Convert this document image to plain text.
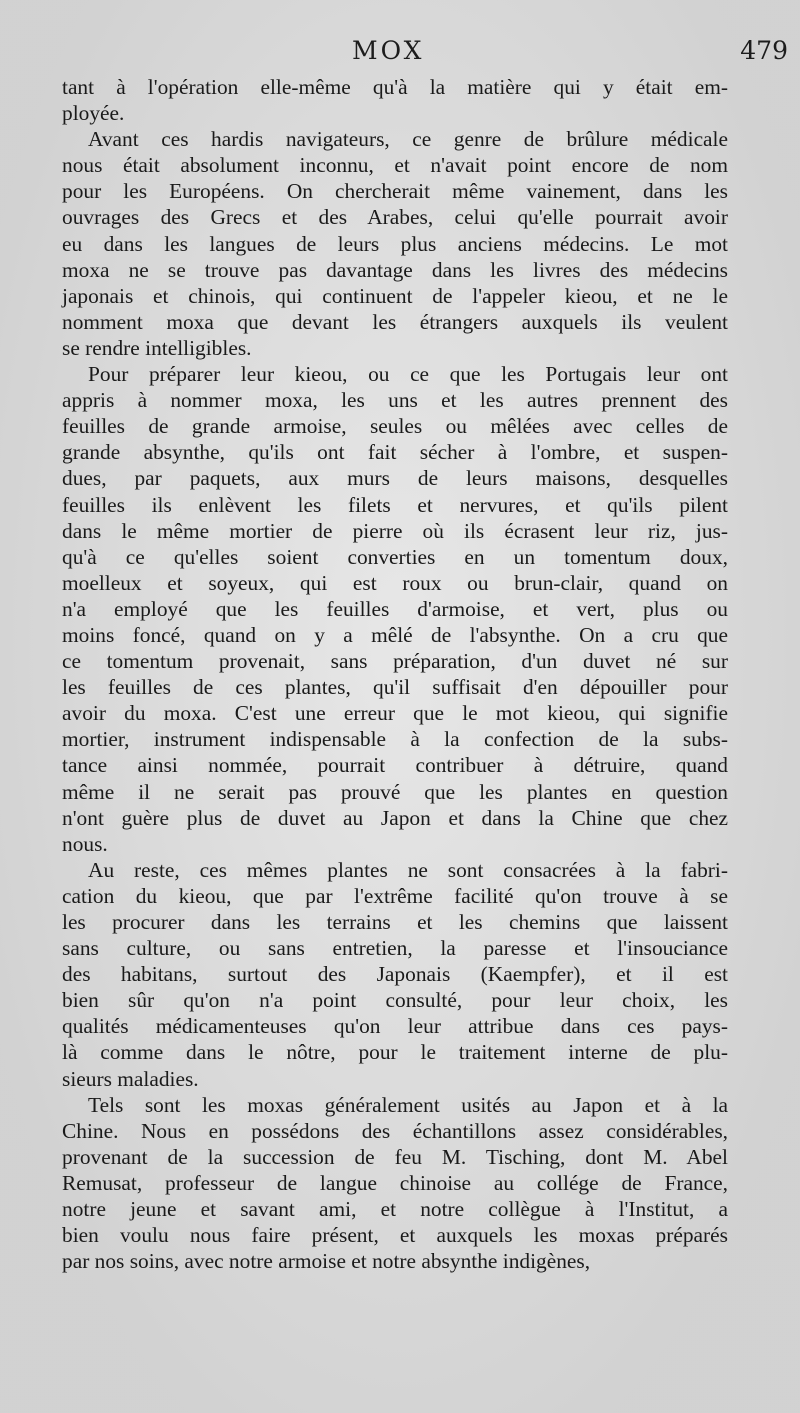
MOX	479
tant à l'opération elle-même qu'à la matière qui y était em-
ployée.
Avant ces hardis navigateurs, ce genre de brûlure médicale
nous était absolument inconnu, et n'avait point encore de nom
pour les Européens. On chercherait même vainement, dans les
ouvrages des Grecs et des Arabes, celui qu'elle pourrait avoir
eu dans les langues de leurs plus anciens médecins. Le mot
moxa ne se trouve pas davantage dans les livres des médecins
japonais et chinois, qui continuent de l'appeler kieou, et ne le
nomment moxa que devant les étrangers auxquels ils veulent
se rendre intelligibles.
Pour préparer leur kieou, ou ce que les Portugais leur ont
appris à nommer moxa, les uns et les autres prennent des
feuilles de grande armoise, seules ou mêlées avec celles de
grande absynthe, qu'ils ont fait sécher à l'ombre, et suspen-
dues, par paquets, aux murs de leurs maisons, desquelles
feuilles ils enlèvent les filets et nervures, et qu'ils pilent
dans le même mortier de pierre où ils écrasent leur riz, jus-
qu'à ce qu'elles soient converties en un tomentum doux,
moelleux et soyeux, qui est roux ou brun-clair, quand on
n'a employé que les feuilles d'armoise, et vert, plus ou
moins foncé, quand on y a mêlé de l'absynthe. On a cru que
ce tomentum provenait, sans préparation, d'un duvet né sur
les feuilles de ces plantes, qu'il suffisait d'en dépouiller pour
avoir du moxa. C'est une erreur que le mot kieou, qui signifie
mortier, instrument indispensable à la confection de la subs-
tance ainsi nommée, pourrait contribuer à détruire, quand
même il ne serait pas prouvé que les plantes en question
n'ont guère plus de duvet au Japon et dans la Chine que chez
nous.
Au reste, ces mêmes plantes ne sont consacrées à la fabri-
cation du kieou, que par l'extrême facilité qu'on trouve à se
les procurer dans les terrains et les chemins que laissent
sans culture, ou sans entretien, la paresse et l'insouciance
des habitans, surtout des Japonais (Kaempfer), et il est
bien sûr qu'on n'a point consulté, pour leur choix, les
qualités médicamenteuses qu'on leur attribue dans ces pays-
là comme dans le nôtre, pour le traitement interne de plu-
sieurs maladies.
Tels sont les moxas généralement usités au Japon et à la
Chine. Nous en possédons des échantillons assez considérables,
provenant de la succession de feu M. Tisching, dont M. Abel
Remusat, professeur de langue chinoise au collége de France,
notre jeune et savant ami, et notre collègue à l'Institut, a
bien voulu nous faire présent, et auxquels les moxas préparés
par nos soins, avec notre armoise et notre absynthe indigènes,
